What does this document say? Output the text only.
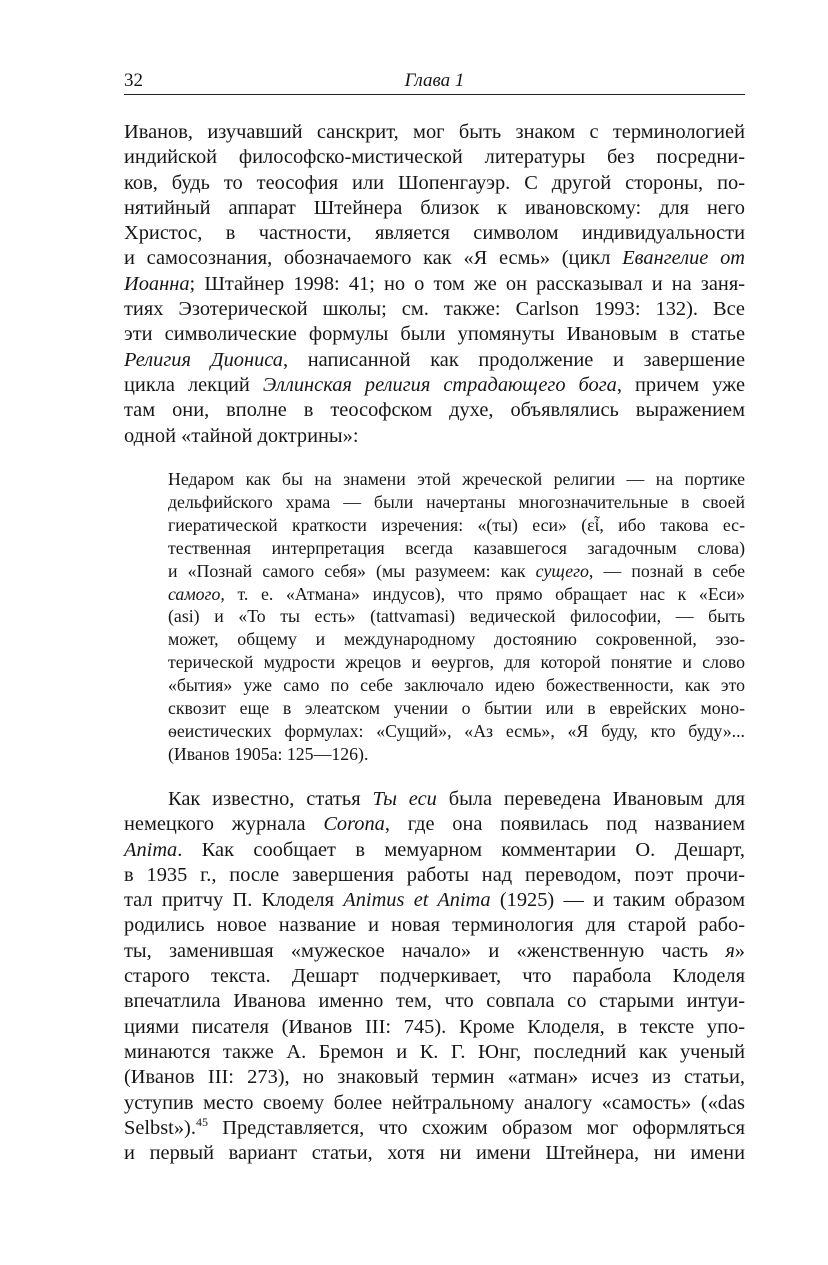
32	Глава 1

Иванов, изучавший санскрит, мог быть знаком с терминологией

индийской философско-мистической литературы без посредни-

ков, будь то теософия или Шопенгауэр. С другой стороны, по-

нятийный аппарат Штейнера близок к ивановскому: для него

Христос, в частности, является символом индивидуальности

и самосознания, обозначаемого как «Я есмь» (цикл Евангелие от

Иоанна; Штайнер 1998: 41; но о том же он рассказывал и на заня-

тиях Эзотерической школы; см. также: Carlson 1993: 132). Все

эти символические формулы были упомянуты Ивановым в статье

Религия Диониса, написанной как продолжение и завершение

цикла лекций Эллинская религия страдающего бога, причем уже

там они, вполне в теософском духе, объявлялись выражением

одной «тайной доктрины»:

Недаром как бы на знамени этой жреческой религии — на портике

дельфийского храма — были начертаны многозначительные в своей

гиератической краткости изречения: «(ты) еси» (εἶ, ибо такова ес-

тественная интерпретация всегда казавшегося загадочным слова)

и «Познай самого себя» (мы разумеем: как сущего, — познай в себе

самого, т. е. «Атмана» индусов), что прямо обращает нас к «Еси»

(asi) и «То ты есть» (tattvamasi) ведической философии, — быть

может, общему и международному достоянию сокровенной, эзо-

терической мудрости жрецов и ѳеургов, для которой понятие и слово

«бытия» уже само по себе заключало идею божественности, как это

сквозит еще в элеатском учении о бытии или в еврейских моно-

ѳеистических формулах: «Сущий», «Аз есмь», «Я буду, кто буду»...

(Иванов 1905а: 125—126).

Как известно, статья Ты еси была переведена Ивановым для

немецкого журнала Corona, где она появилась под названием

Anima. Как сообщает в мемуарном комментарии О. Дешарт,

в 1935 г., после завершения работы над переводом, поэт прочи-

тал притчу П. Клоделя Animus et Anima (1925) — и таким образом

родились новое название и новая терминология для старой рабо-

ты, заменившая «мужеское начало» и «женственную часть я»

старого текста. Дешарт подчеркивает, что парабола Клоделя

впечатлила Иванова именно тем, что совпала со старыми интуи-

циями писателя (Иванов III: 745). Кроме Клоделя, в тексте упо-

минаются также А. Бремон и К. Г. Юнг, последний как ученый

(Иванов III: 273), но знаковый термин «атман» исчез из статьи,

уступив место своему более нейтральному аналогу «самость» («das

Selbst»).$^{45}$ Представляется, что схожим образом мог оформляться

и первый вариант статьи, хотя ни имени Штейнера, ни имени
